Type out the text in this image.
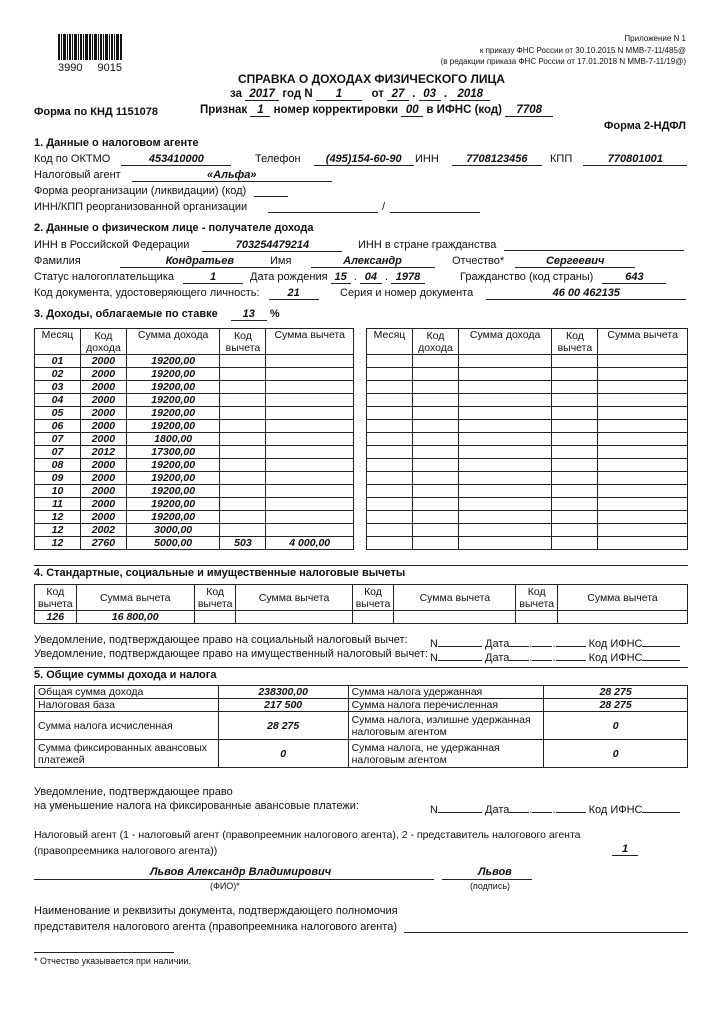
3990 9015
Приложение N 1
к приказу ФНС России от 30.10.2015 N ММВ-7-11/485@
(в редакции приказа ФНС России от 17.01.2018 N ММВ-7-11/19@)
СПРАВКА О ДОХОДАХ ФИЗИЧЕСКОГО ЛИЦА
за 2017 год N 1	от 27 . 03 . 2018
Форма по КНД 1151078	Признак 1 номер корректировки 00 в ИФНС (код) 7708
Форма 2-НДФЛ
1. Данные о налоговом агенте
Код по ОКТМО	453410000	Телефон (495)154-60-90	ИНН 7708123456	КПП	770801001
Налоговый агент	«Альфа»
Форма реорганизации (ликвидации) (код)
ИНН/КПП реорганизованной организации	/
2. Данные о физическом лице - получателе дохода
ИНН в Российской Федерации	703254479214	ИНН в стране гражданства
Фамилия	Кондратьев	Имя	Александр	Отчество*	Сергеевич
Статус налогоплательщика	1	Дата рождения 15 . 04 . 1978	Гражданство (код страны)	643
Код документа, удостоверяющего личность:	21	Серия и номер документа	46 00 462135
3. Доходы, облагаемые по ставке 13 %
Месяц	Код дохода	Сумма дохода	Код вычета	Сумма вычета
01	2000	19200,00		
02	2000	19200,00		
03	2000	19200,00		
04	2000	19200,00		
05	2000	19200,00		
06	2000	19200,00		
07	2000	1800,00		
07	2012	17300,00		
08	2000	19200,00		
09	2000	19200,00		
10	2000	19200,00		
11	2000	19200,00		
12	2000	19200,00		
12	2002	3000,00		
12	2760	5000,00	503	4 000,00
Месяц	Код дохода	Сумма дохода	Код вычета	Сумма вычета

4. Стандартные, социальные и имущественные налоговые вычеты
Код вычета	Сумма вычета	Код вычета	Сумма вычета	Код вычета	Сумма вычета	Код вычета	Сумма вычета
126	16 800,00						
Уведомление, подтверждающее право на социальный налоговый вычет: N	Дата . .	Код ИФНС
Уведомление, подтверждающее право на имущественный налоговый вычет: N	Дата . .	Код ИФНС
5. Общие суммы дохода и налога
Общая сумма дохода	238300,00	Сумма налога удержанная	28 275
Налоговая база	217 500	Сумма налога перечисленная	28 275
Сумма налога исчисленная	28 275	Сумма налога, излишне удержанная налоговым агентом	0
Сумма фиксированных авансовых платежей	0	Сумма налога, не удержанная налоговым агентом	0
Уведомление, подтверждающее право
на уменьшение налога на фиксированные авансовые платежи:	N	Дата . .	Код ИФНС
Налоговый агент (1 - налоговый агент (правопреемник налогового агента), 2 - представитель налогового агента
(правопреемника налогового агента))	1
Львов Александр Владимирович
(ФИО)*
Львов
(подпись)
Наименование и реквизиты документа, подтверждающего полномочия
представителя налогового агента (правопреемника налогового агента)
* Отчество указывается при наличии.
